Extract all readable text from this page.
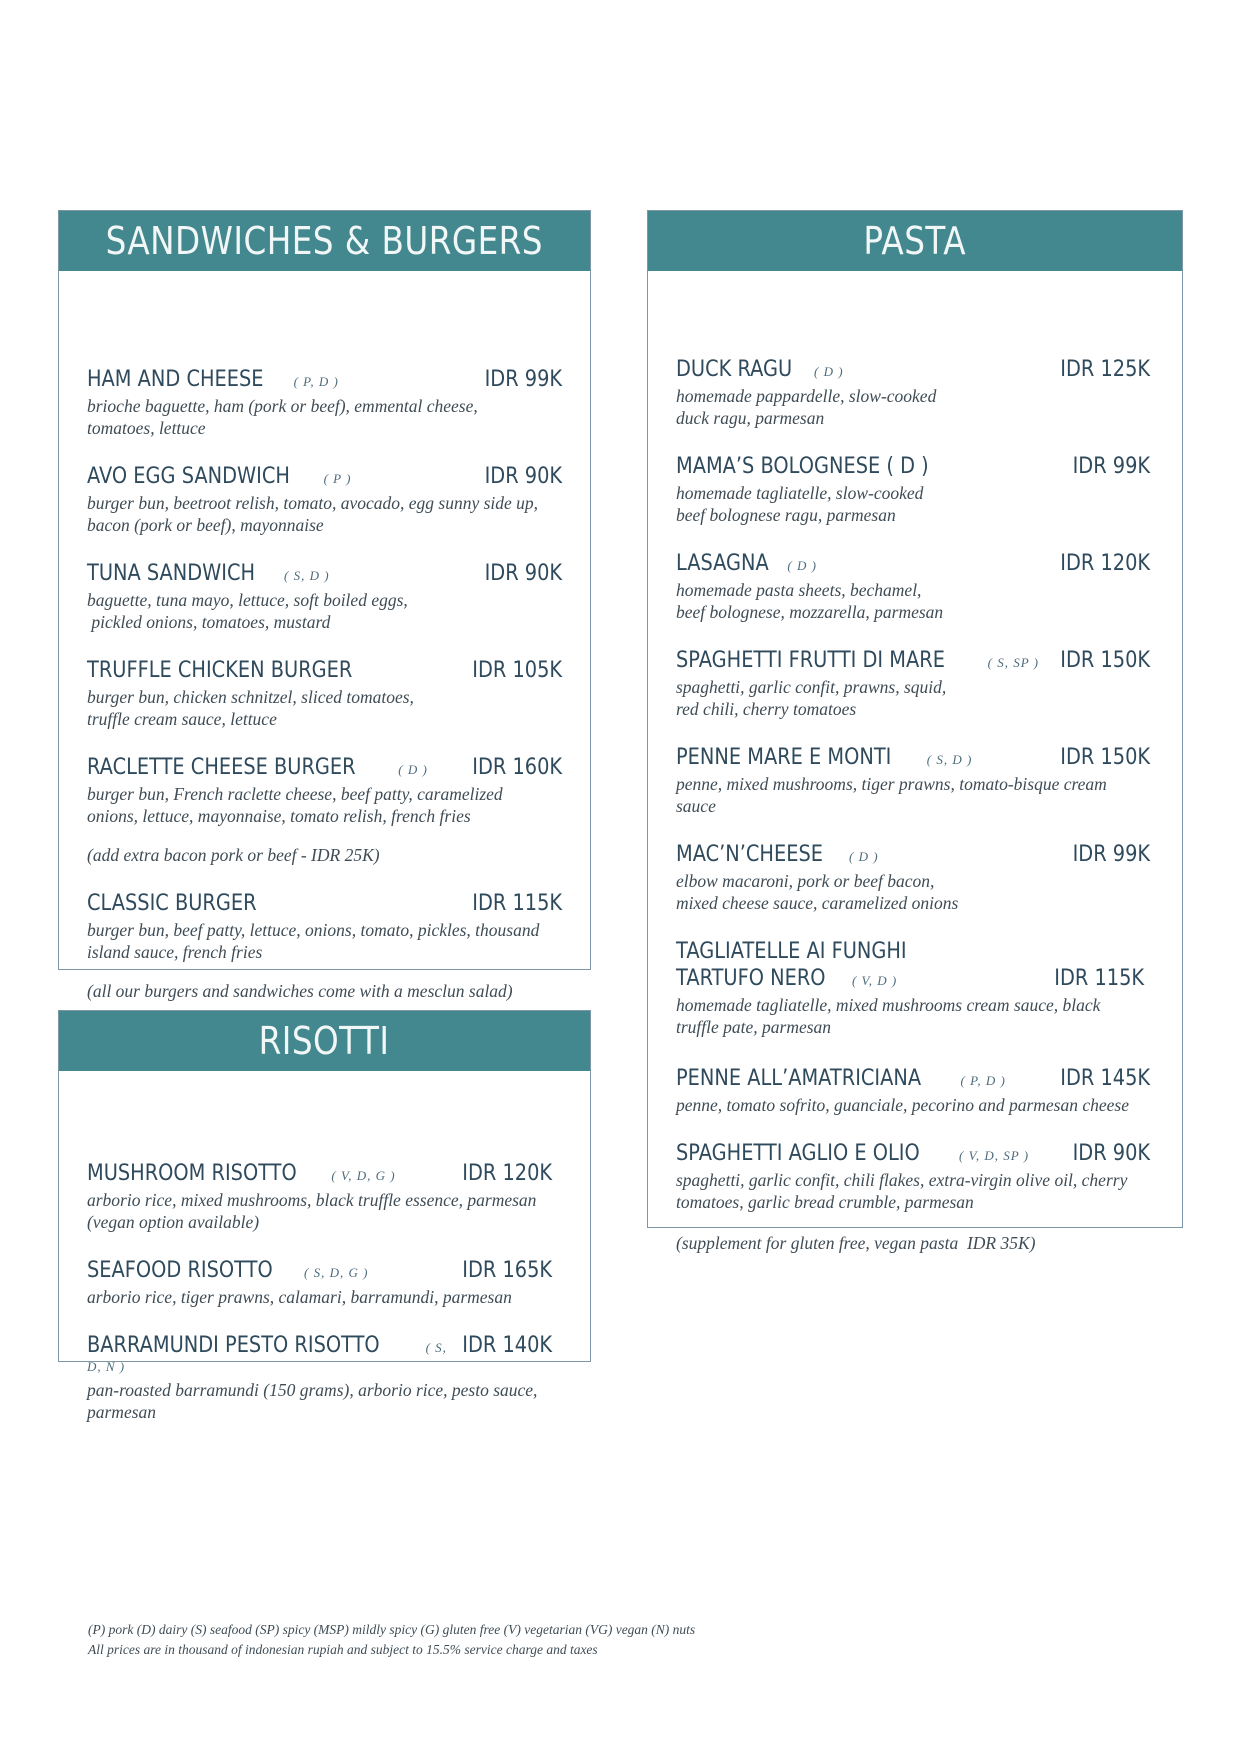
SANDWICHES & BURGERS
HAM AND CHEESE ( P, D )	IDR 99K
brioche baguette, ham (pork or beef), emmental cheese,
tomatoes, lettuce
AVO EGG SANDWICH	( P )	IDR 90K
burger bun, beetroot relish, tomato, avocado, egg sunny side up,
bacon (pork or beef), mayonnaise
TUNA SANDWICH ( S, D )	IDR 90K
baguette, tuna mayo, lettuce, soft boiled eggs,
pickled onions, tomatoes, mustard
TRUFFLE CHICKEN BURGER	IDR 105K
burger bun, chicken schnitzel, sliced tomatoes,
truffle cream sauce, lettuce
RACLETTE CHEESE BURGER	( D ) IDR 160K
burger bun, French raclette cheese, beef patty, caramelized
onions, lettuce, mayonnaise, tomato relish, french fries
(add extra bacon pork or beef - IDR 25K)
CLASSIC BURGER	IDR 115K
burger bun, beef patty, lettuce, onions, tomato, pickles, thousand
island sauce, french fries
(all our burgers and sandwiches come with a mesclun salad)
RISOTTI
MUSHROOM RISOTTO	( V, D, G )	IDR 120K
arborio rice, mixed mushrooms, black truffle essence, parmesan
(vegan option available)
SEAFOOD RISOTTO ( S, D, G )	IDR 165K
arborio rice, tiger prawns, calamari, barramundi, parmesan
BARRAMUNDI PESTO RISOTTO	( S, D, N )
IDR 140K
pan-roasted barramundi (150 grams), arborio rice, pesto sauce,
parmesan
PASTA
DUCK RAGU ( D )	IDR 125K
homemade pappardelle, slow-cooked
duck ragu, parmesan
MAMA’S BOLOGNESE ( D )	IDR 99K
homemade tagliatelle, slow-cooked
beef bolognese ragu, parmesan
LASAGNA ( D )	IDR 120K
homemade pasta sheets, bechamel,
beef bolognese, mozzarella, parmesan
SPAGHETTI FRUTTI DI MARE	( S, SP ) IDR 150K
spaghetti, garlic confit, prawns, squid,
red chili, cherry tomatoes
PENNE MARE E MONTI	( S, D )	IDR 150K
penne, mixed mushrooms, tiger prawns, tomato-bisque cream
sauce
MAC’N’CHEESE ( D )	IDR 99K
elbow macaroni, pork or beef bacon,
mixed cheese sauce, caramelized onions
TAGLIATELLE AI FUNGHI
TARTUFO NERO ( V, D )	IDR 115K
homemade tagliatelle, mixed mushrooms cream sauce, black
truffle pate, parmesan
PENNE ALL’AMATRICIANA	( P, D ) IDR 145K
penne, tomato sofrito, guanciale, pecorino and parmesan cheese
SPAGHETTI AGLIO E OLIO	( V, D, SP ) IDR 90K
spaghetti, garlic confit, chili flakes, extra-virgin olive oil, cherry
tomatoes, garlic bread crumble, parmesan
(supplement for gluten free, vegan pasta  IDR 35K)
(P) pork (D) dairy (S) seafood (SP) spicy (MSP) mildly spicy (G) gluten free (V) vegetarian (VG) vegan (N) nuts
All prices are in thousand of indonesian rupiah and subject to 15.5% service charge and taxes
